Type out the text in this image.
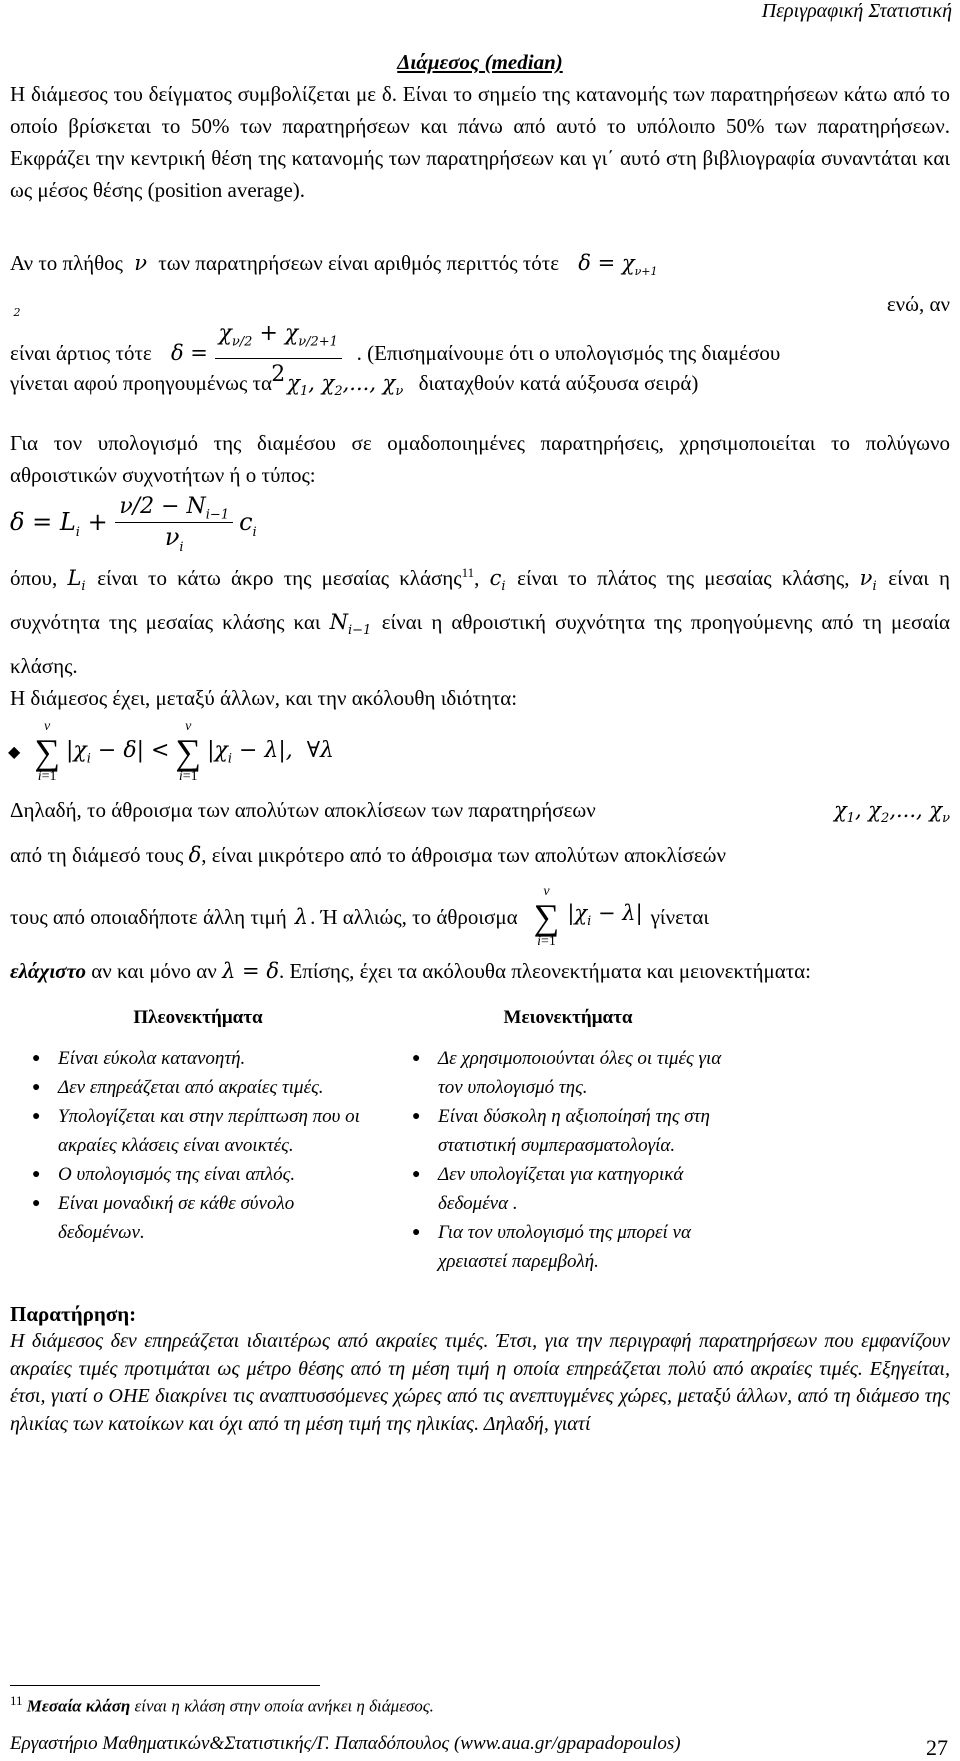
Περιγραφική Στατιστική
Διάμεσος (median)
Η διάμεσος του δείγματος συμβολίζεται με δ. Είναι το σημείο της κατανομής των παρατηρήσεων κάτω από το οποίο βρίσκεται το 50% των παρατηρήσεων και πάνω από αυτό το υπόλοιπο 50% των παρατηρήσεων. Εκφράζει την κεντρική θέση της κατανομής των παρατηρήσεων και γι΄ αυτό στη βιβλιογραφία συναντάται και ως μέσος θέσης (position average).
Αν το πλήθος ν των παρατηρήσεων είναι αριθμός περιττός τότε $\delta = \chi_{\nu+1 2}$	ενώ, αν
είναι άρτιος τότε $\delta = \frac{\chi_{\nu/2} + \chi_{\nu/2+1}}{2}$ . (Επισημαίνουμε ότι ο υπολογισμός της διαμέσου
γίνεται αφού προηγουμένως τα $\chi_1$, $\chi_2$,..., $\chi_\nu$ διαταχθούν κατά αύξουσα σειρά)
Για τον υπολογισμό της διαμέσου σε ομαδοποιημένες παρατηρήσεις, χρησιμοποιείται το πολύγωνο αθροιστικών συχνοτήτων ή ο τύπος:
$\delta = L_i + \frac{\nu/2 - N_{i-1}}{\nu_i} c_i$
όπου, $L_i$ είναι το κάτω άκρο της μεσαίας κλάσης$^{11}$, $c_i$ είναι το πλάτος της μεσαίας κλάσης, $\nu_i$ είναι η συχνότητα της μεσαίας κλάσης και $N_{i-1}$ είναι η αθροιστική συχνότητα της προηγούμενης από τη μεσαία κλάσης.
Η διάμεσος έχει, μεταξύ άλλων, και την ακόλουθη ιδιότητα:
◆
ν
∑
i=1
$|\chi_i - \delta|$ <
ν
∑
i=1
$|\chi_i - \lambda|$,  ∀λ
Δηλαδή, το άθροισμα των απολύτων αποκλίσεων των παρατηρήσεων	$\chi_1$, $\chi_2$,..., $\chi_\nu$
από τη διάμεσό τους δ, είναι μικρότερο από το άθροισμα των απολύτων αποκλίσεών
τους από οποιαδήποτε άλλη τιμή λ . Ή αλλιώς, το άθροισμα
ν
∑
i=1
$|\chi_i - \lambda|$ γίνεται
ελάχιστο αν και μόνο αν λ = δ. Επίσης, έχει τα ακόλουθα πλεονεκτήματα και μειονεκτήματα:
Πλεονεκτήματα
● Είναι εύκολα κατανοητή.
● Δεν επηρεάζεται από ακραίες τιμές.
● Υπολογίζεται και στην περίπτωση που οι ακραίες κλάσεις είναι ανοικτές.
● Ο υπολογισμός της είναι απλός.
● Είναι μοναδική σε κάθε σύνολο δεδομένων.
Μειονεκτήματα
● Δε χρησιμοποιούνται όλες οι τιμές για τον υπολογισμό της.
● Είναι δύσκολη η αξιοποίησή της στη στατιστική συμπερασματολογία.
● Δεν υπολογίζεται για κατηγορικά δεδομένα .
● Για τον υπολογισμό της μπορεί να χρειαστεί παρεμβολή.
Παρατήρηση:
Η διάμεσος δεν επηρεάζεται ιδιαιτέρως από ακραίες τιμές. Έτσι, για την περιγραφή παρατηρήσεων που εμφανίζουν ακραίες τιμές προτιμάται ως μέτρο θέσης από τη μέση τιμή η οποία επηρεάζεται πολύ από ακραίες τιμές. Εξηγείται, έτσι, γιατί ο ΟΗΕ διακρίνει τις αναπτυσσόμενες χώρες από τις ανεπτυγμένες χώρες, μεταξύ άλλων, από τη διάμεσο της ηλικίας των κατοίκων και όχι από τη μέση τιμή της ηλικίας. Δηλαδή, γιατί
$^{11}$ Μεσαία κλάση είναι η κλάση στην οποία ανήκει η διάμεσος.
Εργαστήριο Μαθηματικών&Στατιστικής/Γ. Παπαδόπουλος (www.aua.gr/gpapadopoulos)	27
